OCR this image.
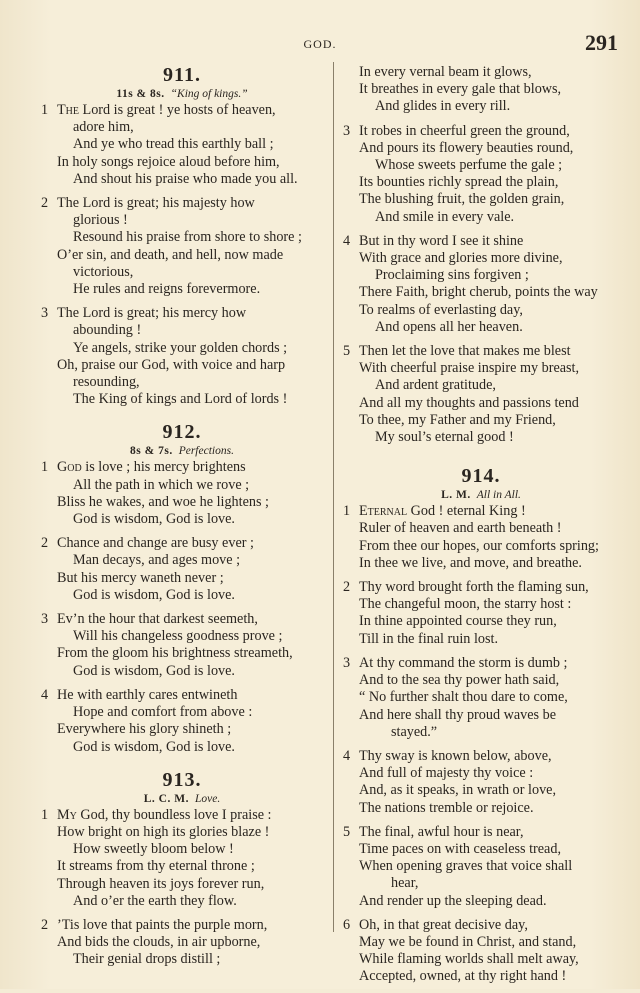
GOD.	291
911.
11s & 8s. “King of kings.”
1 The Lord is great ! ye hosts of heaven,
adore him,
And ye who tread this earthly ball ;
In holy songs rejoice aloud before him,
And shout his praise who made you all.
2 The Lord is great; his majesty how
glorious !
Resound his praise from shore to shore ;
O’er sin, and death, and hell, now made
victorious,
He rules and reigns forevermore.
3 The Lord is great; his mercy how
abounding !
Ye angels, strike your golden chords ;
Oh, praise our God, with voice and harp
resounding,
The King of kings and Lord of lords !
912.
8s & 7s. Perfections.
1 God is love ; his mercy brightens
All the path in which we rove ;
Bliss he wakes, and woe he lightens ;
God is wisdom, God is love.
2 Chance and change are busy ever ;
Man decays, and ages move ;
But his mercy waneth never ;
God is wisdom, God is love.
3 Ev’n the hour that darkest seemeth,
Will his changeless goodness prove ;
From the gloom his brightness streameth,
God is wisdom, God is love.
4 He with earthly cares entwineth
Hope and comfort from above :
Everywhere his glory shineth ;
God is wisdom, God is love.
913.
L. C. M. Love.
1 My God, thy boundless love I praise :
How bright on high its glories blaze !
How sweetly bloom below !
It streams from thy eternal throne ;
Through heaven its joys forever run,
And o’er the earth they flow.
2 ’Tis love that paints the purple morn,
And bids the clouds, in air upborne,
Their genial drops distill ;
In every vernal beam it glows,
It breathes in every gale that blows,
And glides in every rill.
3 It robes in cheerful green the ground,
And pours its flowery beauties round,
Whose sweets perfume the gale ;
Its bounties richly spread the plain,
The blushing fruit, the golden grain,
And smile in every vale.
4 But in thy word I see it shine
With grace and glories more divine,
Proclaiming sins forgiven ;
There Faith, bright cherub, points the way
To realms of everlasting day,
And opens all her heaven.
5 Then let the love that makes me blest
With cheerful praise inspire my breast,
And ardent gratitude,
And all my thoughts and passions tend
To thee, my Father and my Friend,
My soul’s eternal good !
914.
L. M. All in All.
1 Eternal God ! eternal King !
Ruler of heaven and earth beneath !
From thee our hopes, our comforts spring;
In thee we live, and move, and breathe.
2 Thy word brought forth the flaming sun,
The changeful moon, the starry host :
In thine appointed course they run,
Till in the final ruin lost.
3 At thy command the storm is dumb ;
And to the sea thy power hath said,
“ No further shalt thou dare to come,
And here shall thy proud waves be
stayed.”
4 Thy sway is known below, above,
And full of majesty thy voice :
And, as it speaks, in wrath or love,
The nations tremble or rejoice.
5 The final, awful hour is near,
Time paces on with ceaseless tread,
When opening graves that voice shall
hear,
And render up the sleeping dead.
6 Oh, in that great decisive day,
May we be found in Christ, and stand,
While flaming worlds shall melt away,
Accepted, owned, at thy right hand !
